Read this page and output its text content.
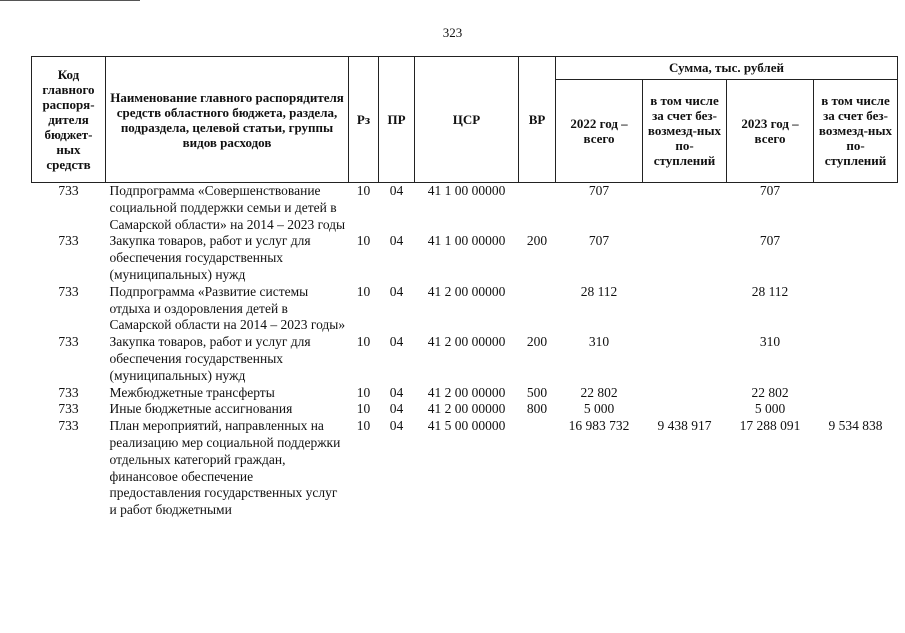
323
Код главного распоря-дителя бюджет-ных средств	Наименование главного распорядителя средств областного бюджета, раздела, подраздела, целевой статьи, группы видов расходов	Рз	ПР	ЦСР	ВР	Сумма, тыс. рублей			
						2022 год – всего	в том числе за счет без-возмезд-ных по-ступлений	2023 год – всего	в том числе за счет без-возмезд-ных по-ступлений
733	Подпрограмма «Совершенствование социальной поддержки семьи и детей в Самарской области» на 2014 – 2023 годы	10	04	41 1 00 00000		707		707	
733	Закупка товаров, работ и услуг для обеспечения государственных (муниципальных) нужд	10	04	41 1 00 00000	200	707		707	
733	Подпрограмма «Развитие системы отдыха и оздоровления детей в Самарской области на 2014 – 2023 годы»	10	04	41 2 00 00000		28 112		28 112	
733	Закупка товаров, работ и услуг для обеспечения государственных (муниципальных) нужд	10	04	41 2 00 00000	200	310		310	
733	Межбюджетные трансферты	10	04	41 2 00 00000	500	22 802		22 802	
733	Иные бюджетные ассигнования	10	04	41 2 00 00000	800	5 000		5 000	
733	План мероприятий, направленных на реализацию мер социальной поддержки отдельных категорий граждан, финансовое обеспечение предоставления государственных услуг и работ бюджетными	10	04	41 5 00 00000		16 983 732	9 438 917	17 288 091	9 534 838
